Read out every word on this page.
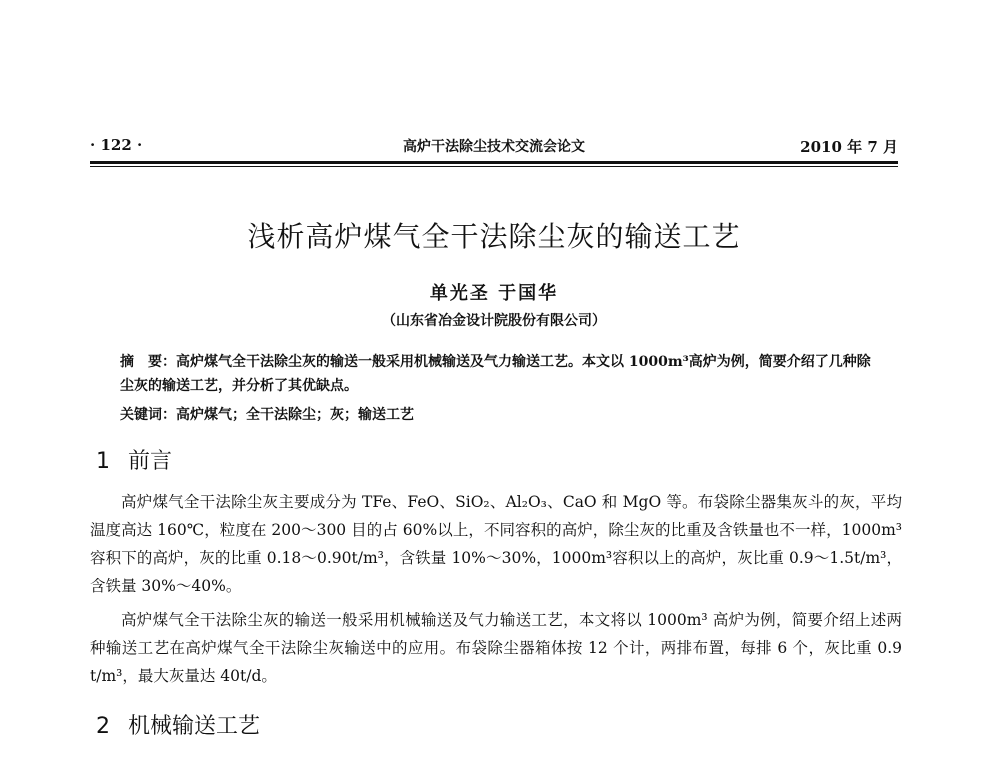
· 122 ·	高炉干法除尘技术交流会论文	2010 年 7 月
浅析高炉煤气全干法除尘灰的输送工艺
单光圣 于国华
（山东省冶金设计院股份有限公司）
摘　要：高炉煤气全干法除尘灰的输送一般采用机械输送及气力输送工艺。本文以 1000m³高炉为例，简要介绍了几种除尘灰的输送工艺，并分析了其优缺点。
关键词：高炉煤气；全干法除尘；灰；输送工艺
1 前言
高炉煤气全干法除尘灰主要成分为 TFe、FeO、SiO₂、Al₂O₃、CaO 和 MgO 等。布袋除尘器集灰斗的灰，平均温度高达 160℃，粒度在 200～300 目的占 60%以上，不同容积的高炉，除尘灰的比重及含铁量也不一样，1000m³容积下的高炉，灰的比重 0.18～0.90t/m³，含铁量 10%～30%，1000m³容积以上的高炉，灰比重 0.9～1.5t/m³，含铁量 30%～40%。
高炉煤气全干法除尘灰的输送一般采用机械输送及气力输送工艺，本文将以 1000m³ 高炉为例，简要介绍上述两种输送工艺在高炉煤气全干法除尘灰输送中的应用。布袋除尘器箱体按 12 个计，两排布置，每排 6 个，灰比重 0.9 t/m³，最大灰量达 40t/d。
2 机械输送工艺
